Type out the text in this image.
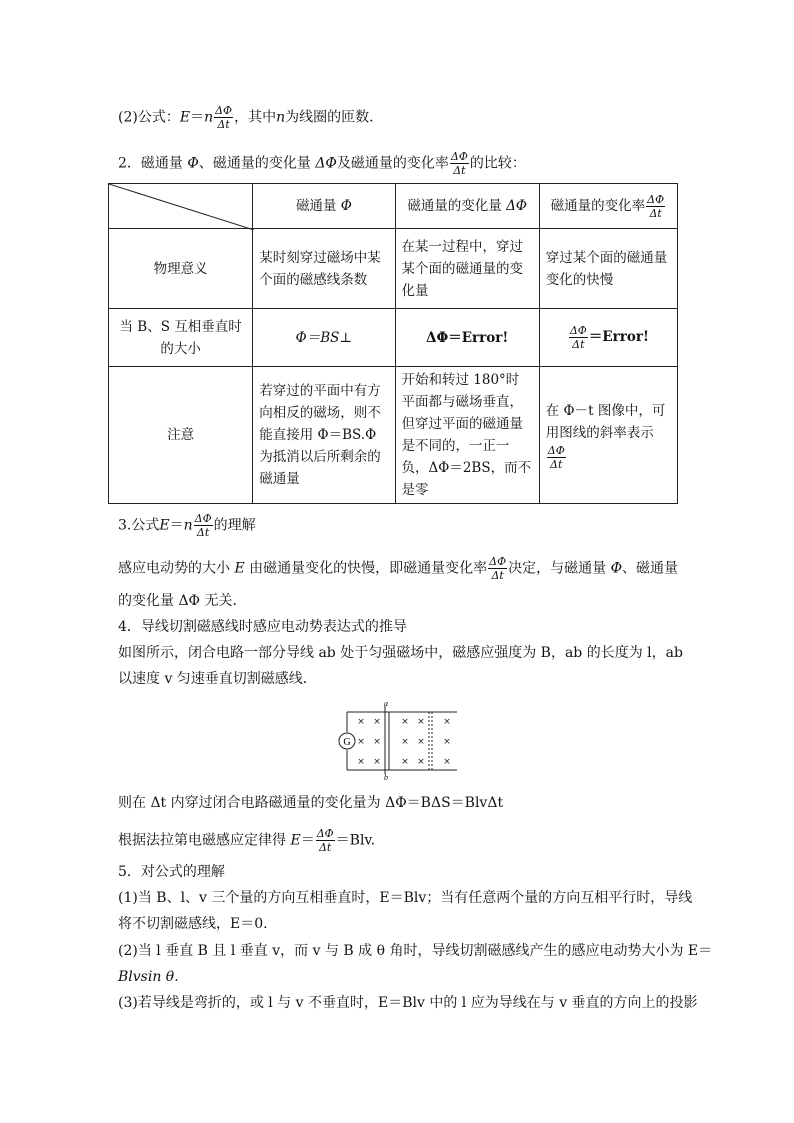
(2)公式：$E=n \frac{\Delta\Phi}{\Delta t}$ ，其中n为线圈的匝数．
2．磁通量 Φ、磁通量的变化量 ΔΦ及磁通量的变化率 $\frac{\Delta\Phi}{\Delta t}$ 的比较：
	磁通量 Φ	磁通量的变化量 ΔΦ	磁通量的变化率 $\frac{\Delta\Phi}{\Delta t}$

物理意义	某时刻穿过磁场中某个面的磁感线条数	在某一过程中，穿过某个面的磁通量的变化量	穿过某个面的磁通量变化的快慢
当 B、S 互相垂直时的大小	Φ＝BS⊥	ΔΦ＝Error!	$\frac{\Delta\Phi}{\Delta t}$ ＝Error!
注意	若穿过的平面中有方向相反的磁场，则不能直接用 Φ＝BS.Φ 为抵消以后所剩余的磁通量	开始和转过 180°时平面都与磁场垂直，但穿过平面的磁通量是不同的，一正一负，ΔΦ＝2BS，而不是零	在 Φ－t 图像中，可用图线的斜率表示

$\frac{\Delta\Phi}{\Delta t}$
3.公式$E=n \frac{\Delta\Phi}{\Delta t}$ 的理解
感应电动势的大小 E 由磁通量变化的快慢，即磁通量变化率 $\frac{\Delta\Phi}{\Delta t}$ 决定，与磁通量 Φ、磁通量
的变化量 ΔΦ 无关．
4．导线切割磁感线时感应电动势表达式的推导
如图所示，闭合电路一部分导线 ab 处于匀强磁场中，磁感应强度为 B，ab 的长度为 l，ab
以速度 v 匀速垂直切割磁感线．
G
a
b
× × × × ×
× × × × ×
× × × × ×
则在 Δt 内穿过闭合电路磁通量的变化量为 ΔΦ＝BΔS＝BlvΔt
根据法拉第电磁感应定律得 $E= \frac{\Delta\Phi}{\Delta t} =Blv$.
5．对公式的理解
(1)当 B、l、v 三个量的方向互相垂直时，E＝Blv；当有任意两个量的方向互相平行时，导线
将不切割磁感线，E＝0.
(2)当 l 垂直 B 且 l 垂直 v，而 v 与 B 成 θ 角时，导线切割磁感线产生的感应电动势大小为 E＝
Blvsin θ.
(3)若导线是弯折的，或 l 与 v 不垂直时，E＝Blv 中的 l 应为导线在与 v 垂直的方向上的投影
